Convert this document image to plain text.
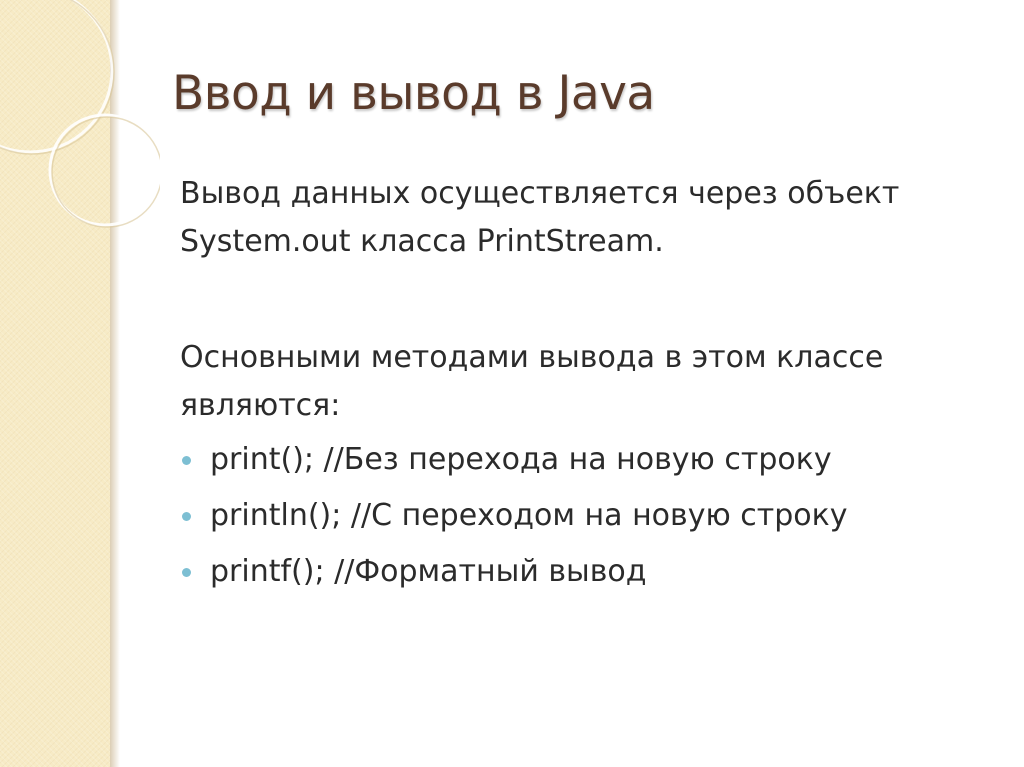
Ввод и вывод в Java

Вывод данных осуществляется через объект System.out класса PrintStream.

Основными методами вывода в этом классе являются:

print(); //Без перехода на новую строку
println(); //С переходом на новую строку
printf(); //Форматный вывод
